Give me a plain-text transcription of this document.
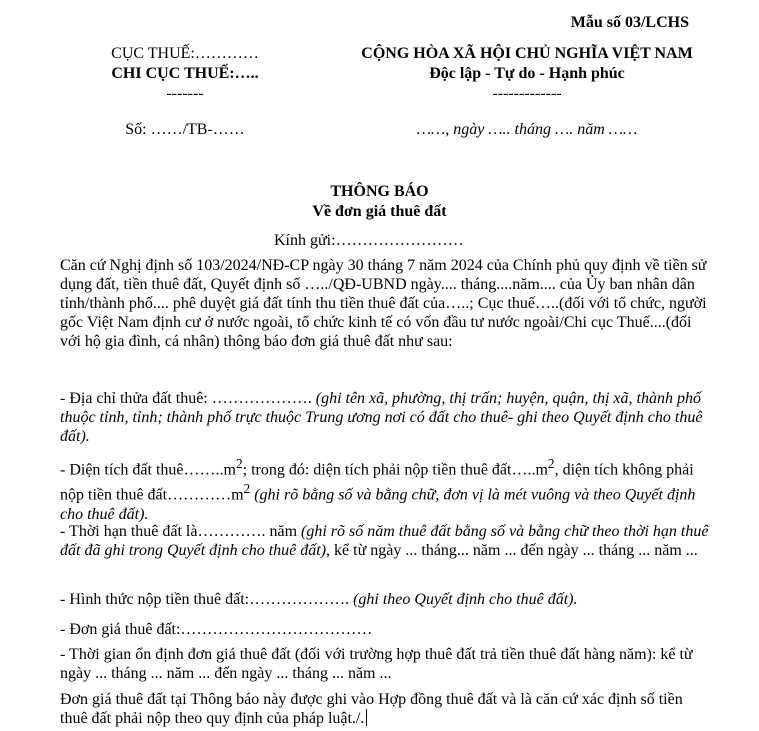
Mẫu số 03/LCHS
CỤC THUẾ:…………
CHI CỤC THUẾ:…..
-------
CỘNG HÒA XÃ HỘI CHỦ NGHĨA VIỆT NAM
Độc lập - Tự do - Hạnh phúc
-------------
Số: ……/TB-……	……, ngày ….. tháng …. năm ……
THÔNG BÁO
Về đơn giá thuê đất
Kính gửi:……………………
Căn cứ Nghị định số 103/2024/NĐ-CP ngày 30 tháng 7 năm 2024 của Chính phủ quy định về tiền sử dụng đất, tiền thuê đất, Quyết định số …../QĐ-UBND ngày.... tháng....năm.... của Ủy ban nhân dân tỉnh/thành phố.... phê duyệt giá đất tính thu tiền thuê đất của…..; Cục thuế…..(đối với tổ chức, người gốc Việt Nam định cư ở nước ngoài, tổ chức kinh tế có vốn đầu tư nước ngoài/Chi cục Thuế....(đối với hộ gia đình, cá nhân) thông báo đơn giá thuê đất như sau:
- Địa chỉ thửa đất thuê: ………………. (ghi tên xã, phường, thị trấn; huyện, quận, thị xã, thành phố thuộc tỉnh, tỉnh; thành phố trực thuộc Trung ương nơi có đất cho thuê- ghi theo Quyết định cho thuê đất).
- Diện tích đất $thuê\dots\dots..m^2$; trong đó: diện tích phải nộp tiền thuê $đất\dots..m^2$, diện tích không phải nộp tiền thuê $đất\dots\dots\dots\dots m^2$ (ghi rõ bằng số và bằng chữ, đơn vị là mét vuông và theo Quyết định cho thuê đất).
- Thời hạn thuê đất là…………. năm (ghi rõ số năm thuê đất bằng số và bằng chữ theo thời hạn thuê đất đã ghi trong Quyết định cho thuê đất), kể từ ngày ... tháng... năm ... đến ngày ... tháng ... năm ...
- Hình thức nộp tiền thuê đất:………………. (ghi theo Quyết định cho thuê đất).
- Đơn giá thuê đất:………………………………
- Thời gian ổn định đơn giá thuê đất (đối với trường hợp thuê đất trả tiền thuê đất hàng năm): kể từ ngày ... tháng ... năm ... đến ngày ... tháng ... năm ...
Đơn giá thuê đất tại Thông báo này được ghi vào Hợp đồng thuê đất và là căn cứ xác định số tiền thuê đất phải nộp theo quy định của pháp luật./.
